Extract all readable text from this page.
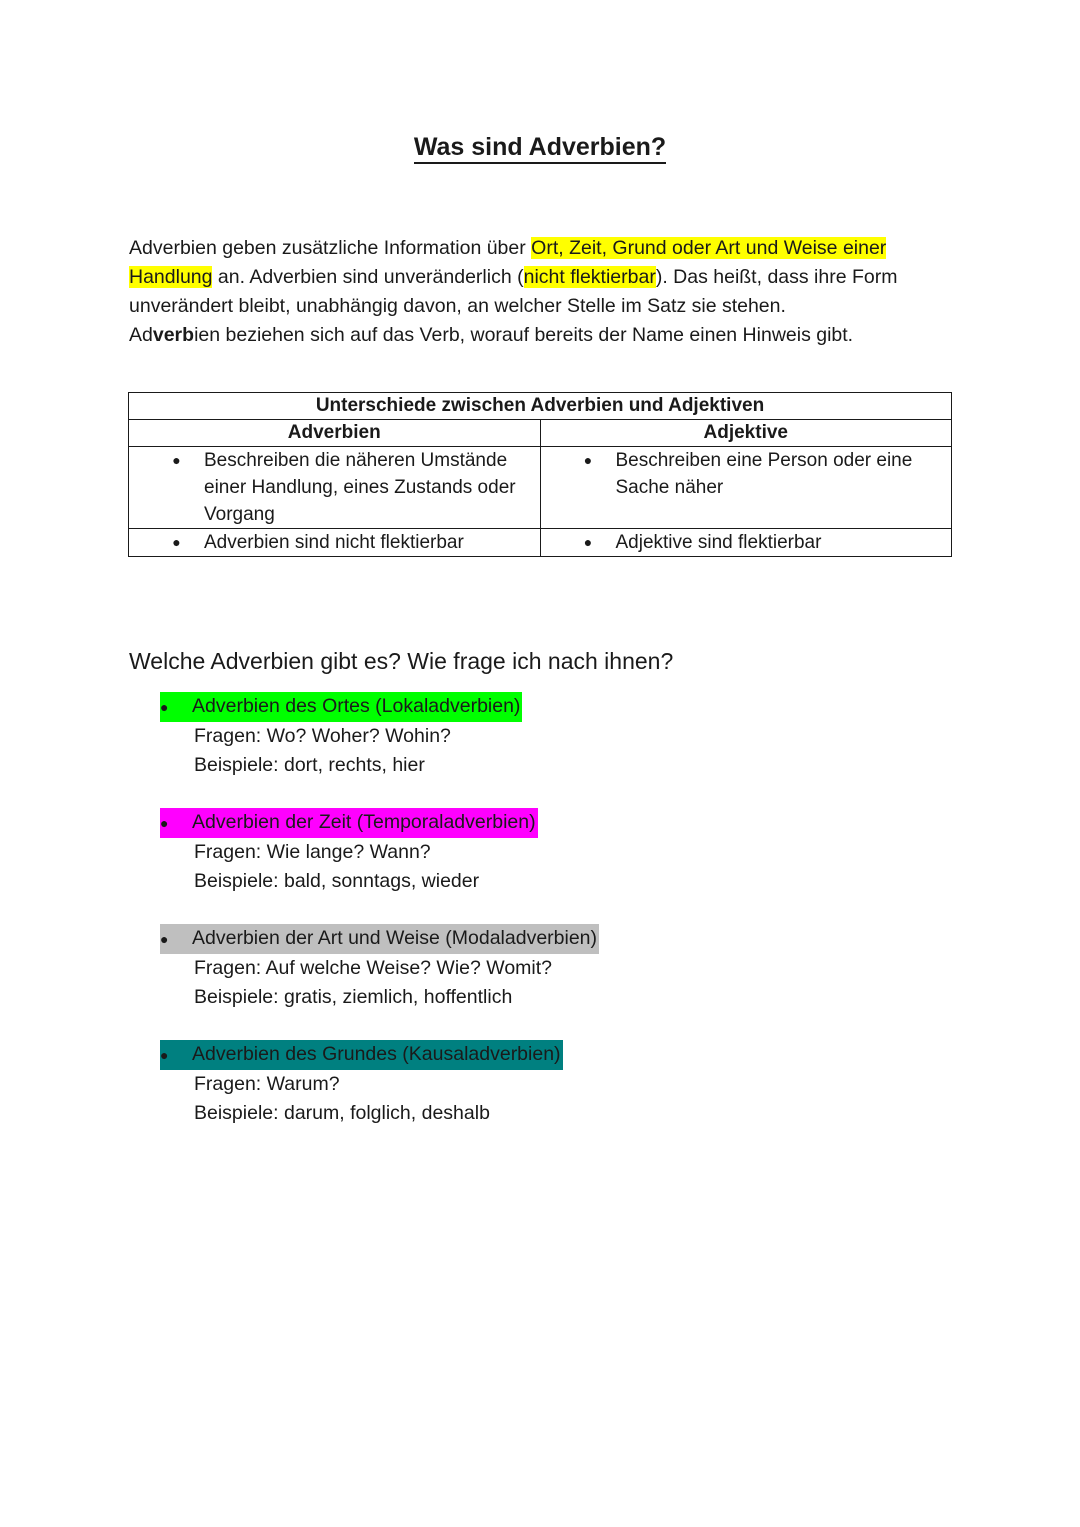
Was sind Adverbien?

Adverbien geben zusätzliche Information über Ort, Zeit, Grund oder Art und Weise einer Handlung an. Adverbien sind unveränderlich (nicht flektierbar). Das heißt, dass ihre Form unverändert bleibt, unabhängig davon, an welcher Stelle im Satz sie stehen.

Adverbien beziehen sich auf das Verb, worauf bereits der Name einen Hinweis gibt.

Unterschiede zwischen Adverbien und Adjektiven	
Adverbien	Adjektive

● Beschreiben die näheren Umstände einer Handlung, eines Zustands oder Vorgang	● Beschreiben eine Person oder eine Sache näher

● Adverbien sind nicht flektierbar	● Adjektive sind flektierbar
Welche Adverbien gibt es? Wie frage ich nach ihnen?
● Adverbien des Ortes (Lokaladverbien)
Fragen: Wo? Woher? Wohin?
Beispiele: dort, rechts, hier
● Adverbien der Zeit (Temporaladverbien)
Fragen: Wie lange? Wann?
Beispiele: bald, sonntags, wieder
● Adverbien der Art und Weise (Modaladverbien)
Fragen: Auf welche Weise? Wie? Womit?
Beispiele: gratis, ziemlich, hoffentlich
● Adverbien des Grundes (Kausaladverbien)
Fragen: Warum?
Beispiele: darum, folglich, deshalb
